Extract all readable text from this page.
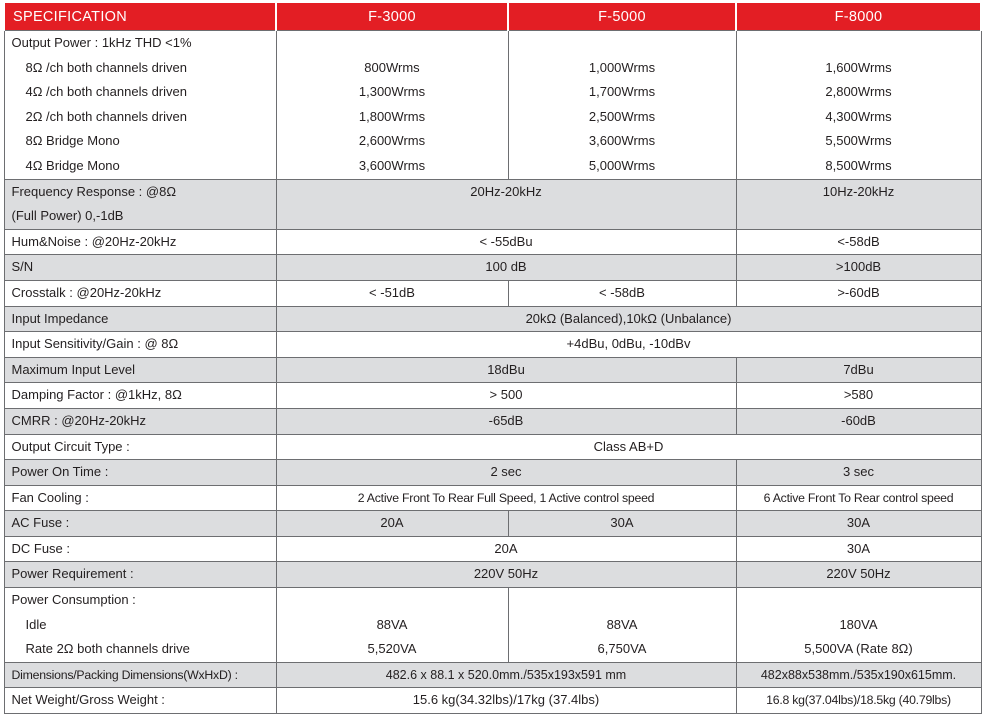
SPECIFICATION	F-3000	F-5000	F-8000
Output Power : 1kHz THD <1%			
8Ω /ch both channels driven	800Wrms	1,000Wrms	1,600Wrms
4Ω /ch both channels driven	1,300Wrms	1,700Wrms	2,800Wrms
2Ω /ch both channels driven	1,800Wrms	2,500Wrms	4,300Wrms
8Ω Bridge Mono	2,600Wrms	3,600Wrms	5,500Wrms
4Ω Bridge Mono	3,600Wrms	5,000Wrms	8,500Wrms
Frequency Response : @8Ω	20Hz-20kHz		10Hz-20kHz
(Full Power) 0,-1dB			
Hum&Noise : @20Hz-20kHz	< -55dBu		<-58dB
S/N	100 dB		>100dB
Crosstalk : @20Hz-20kHz	< -51dB	< -58dB	>-60dB
Input Impedance	20kΩ (Balanced),10kΩ (Unbalance)		
Input Sensitivity/Gain : @ 8Ω	+4dBu, 0dBu, -10dBv		
Maximum Input Level	18dBu		7dBu
Damping Factor : @1kHz, 8Ω	> 500		>580
CMRR : @20Hz-20kHz	-65dB		-60dB
Output Circuit Type :	Class AB+D		
Power On Time :	2 sec		3 sec
Fan Cooling :	2 Active Front To Rear Full Speed, 1 Active control speed		6 Active Front To Rear control speed
AC Fuse :	20A	30A	30A
DC Fuse :	20A		30A
Power Requirement :	220V 50Hz		220V 50Hz
Power Consumption :			
Idle	88VA	88VA	180VA
Rate 2Ω both channels drive	5,520VA	6,750VA	5,500VA (Rate 8Ω)
Dimensions/Packing Dimensions(WxHxD) :	482.6 x 88.1 x 520.0mm./535x193x591 mm		482x88x538mm./535x190x615mm.
Net Weight/Gross Weight :	15.6 kg(34.32lbs)/17kg (37.4lbs)		16.8 kg(37.04lbs)/18.5kg (40.79lbs)
